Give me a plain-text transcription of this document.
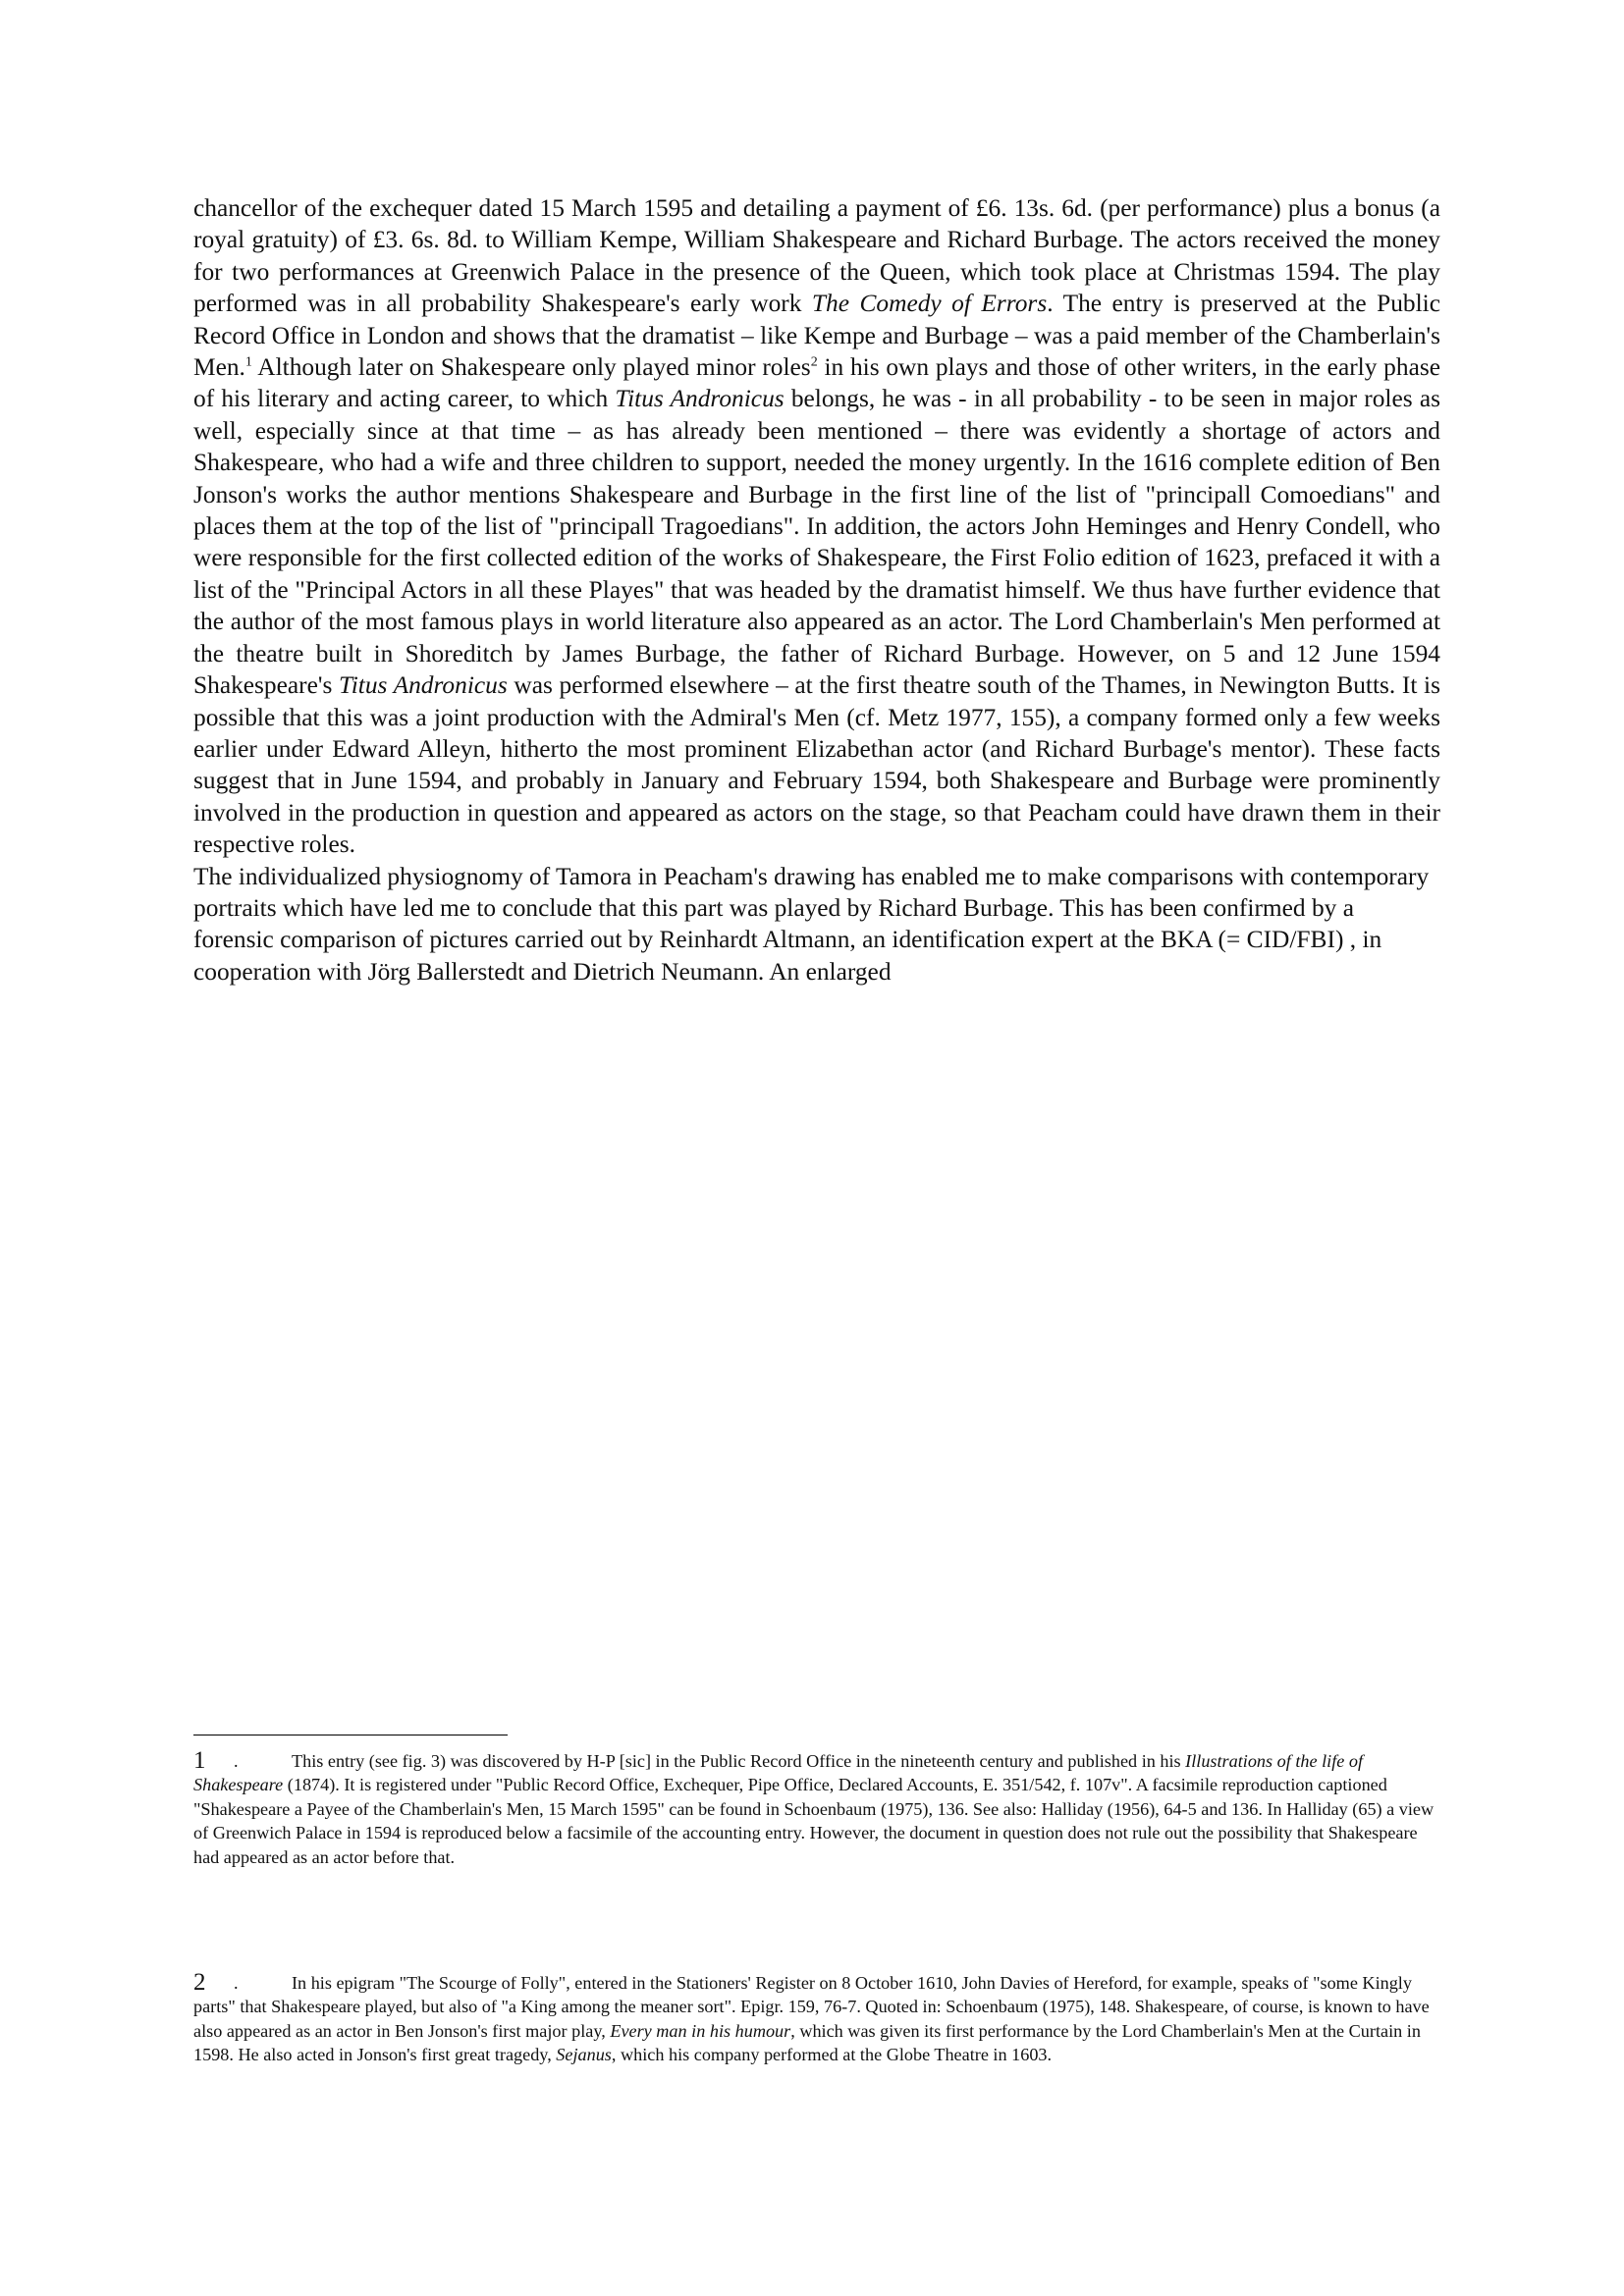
chancellor of the exchequer dated 15 March 1595 and detailing a payment of £6. 13s. 6d. (per performance) plus a bonus (a royal gratuity) of £3. 6s. 8d. to William Kempe, William Shakespeare and Richard Burbage. The actors received the money for two performances at Greenwich Palace in the presence of the Queen, which took place at Christmas 1594. The play performed was in all probability Shakespeare's early work The Comedy of Errors. The entry is preserved at the Public Record Office in London and shows that the dramatist – like Kempe and Burbage – was a paid member of the Chamberlain's Men.$^1$ Although later on Shakespeare only played minor roles$^2$ in his own plays and those of other writers, in the early phase of his literary and acting career, to which Titus Andronicus belongs, he was - in all probability - to be seen in major roles as well, especially since at that time – as has already been mentioned – there was evidently a shortage of actors and Shakespeare, who had a wife and three children to support, needed the money urgently. In the 1616 complete edition of Ben Jonson's works the author mentions Shakespeare and Burbage in the first line of the list of "principall Comoedians" and places them at the top of the list of "principall Tragoedians". In addition, the actors John Heminges and Henry Condell, who were responsible for the first collected edition of the works of Shakespeare, the First Folio edition of 1623, prefaced it with a list of the "Principal Actors in all these Playes" that was headed by the dramatist himself. We thus have further evidence that the author of the most famous plays in world literature also appeared as an actor. The Lord Chamberlain's Men performed at the theatre built in Shoreditch by James Burbage, the father of Richard Burbage. However, on 5 and 12 June 1594 Shakespeare's Titus Andronicus was performed elsewhere – at the first theatre south of the Thames, in Newington Butts. It is possible that this was a joint production with the Admiral's Men (cf. Metz 1977, 155), a company formed only a few weeks earlier under Edward Alleyn, hitherto the most prominent Elizabethan actor (and Richard Burbage's mentor). These facts suggest that in June 1594, and probably in January and February 1594, both Shakespeare and Burbage were prominently involved in the production in question and appeared as actors on the stage, so that Peacham could have drawn them in their respective roles.

The individualized physiognomy of Tamora in Peacham's drawing has enabled me to make comparisons with contemporary portraits which have led me to conclude that this part was played by Richard Burbage. This has been confirmed by a forensic comparison of pictures carried out by Reinhardt Altmann, an identification expert at the BKA (= CID/FBI) , in cooperation with Jörg Ballerstedt and Dietrich Neumann. An enlarged

1 .	This entry (see fig. 3) was discovered by H-P [sic] in the Public Record Office in the nineteenth century and published in his Illustrations of the life of Shakespeare (1874). It is registered under "Public Record Office, Exchequer, Pipe Office, Declared Accounts, E. 351/542, f. 107v". A facsimile reproduction captioned "Shakespeare a Payee of the Chamberlain's Men, 15 March 1595" can be found in Schoenbaum (1975), 136. See also: Halliday (1956), 64-5 and 136. In Halliday (65) a view of Greenwich Palace in 1594 is reproduced below a facsimile of the accounting entry. However, the document in question does not rule out the possibility that Shakespeare had appeared as an actor before that.

2 .	In his epigram "The Scourge of Folly", entered in the Stationers' Register on 8 October 1610, John Davies of Hereford, for example, speaks of "some Kingly parts" that Shakespeare played, but also of "a King among the meaner sort". Epigr. 159, 76-7. Quoted in: Schoenbaum (1975), 148. Shakespeare, of course, is known to have also appeared as an actor in Ben Jonson's first major play, Every man in his humour, which was given its first performance by the Lord Chamberlain's Men at the Curtain in 1598. He also acted in Jonson's first great tragedy, Sejanus, which his company performed at the Globe Theatre in 1603.
